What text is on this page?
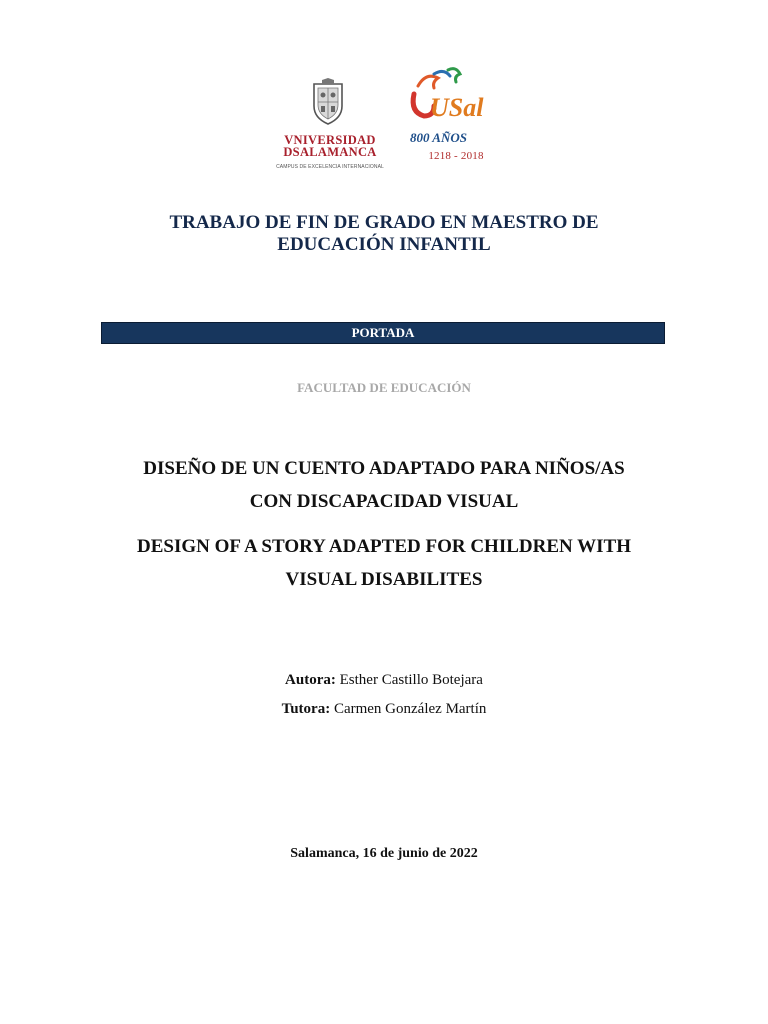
VNIVERSIDAD
DSALAMANCA
CAMPUS DE EXCELENCIA INTERNACIONAL
USal
800 AÑOS
1218 - 2018
TRABAJO DE FIN DE GRADO EN MAESTRO DE
EDUCACIÓN INFANTIL
PORTADA
FACULTAD DE EDUCACIÓN
DISEÑO DE UN CUENTO ADAPTADO PARA NIÑOS/AS
CON DISCAPACIDAD VISUAL
DESIGN OF A STORY ADAPTED FOR CHILDREN WITH
VISUAL DISABILITES
Autora: Esther Castillo Botejara
Tutora: Carmen González Martín
Salamanca, 16 de junio de 2022
